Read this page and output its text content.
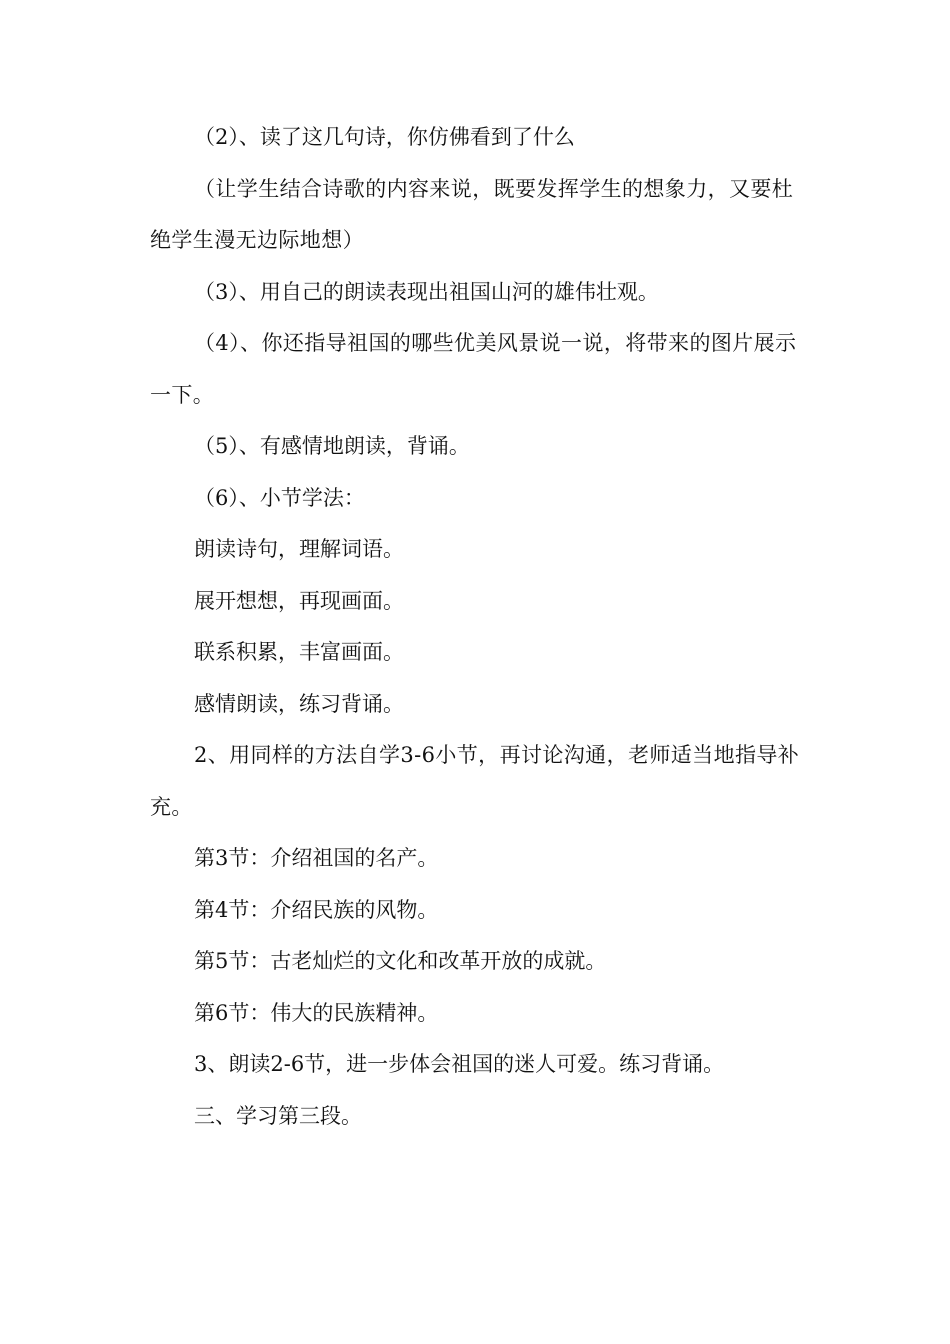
（2）、读了这几句诗，你仿佛看到了什么

（让学生结合诗歌的内容来说，既要发挥学生的想象力，又要杜绝学生漫无边际地想）

（3）、用自己的朗读表现出祖国山河的雄伟壮观。

（4）、你还指导祖国的哪些优美风景说一说，将带来的图片展示一下。

（5）、有感情地朗读，背诵。

（6）、小节学法：

朗读诗句，理解词语。

展开想想，再现画面。

联系积累，丰富画面。

感情朗读，练习背诵。

2、用同样的方法自学3-6小节，再讨论沟通，老师适当地指导补充。

第3节：介绍祖国的名产。

第4节：介绍民族的风物。

第5节：古老灿烂的文化和改革开放的成就。

第6节：伟大的民族精神。

3、朗读2-6节，进一步体会祖国的迷人可爱。练习背诵。

三、学习第三段。
